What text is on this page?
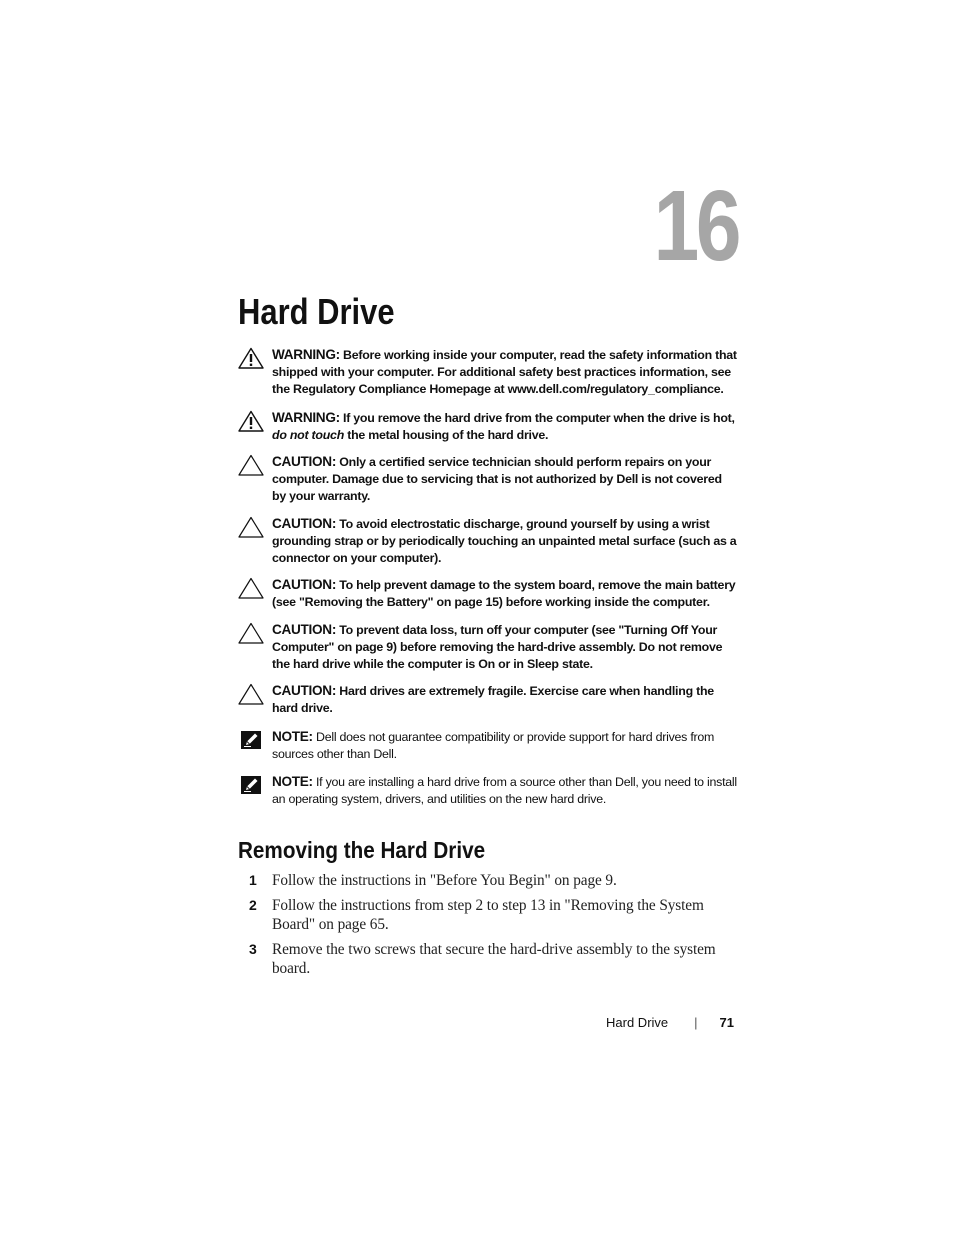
16
Hard Drive
WARNING: Before working inside your computer, read the safety information that shipped with your computer. For additional safety best practices information, see the Regulatory Compliance Homepage at www.dell.com/regulatory_compliance.
WARNING: If you remove the hard drive from the computer when the drive is hot, do not touch the metal housing of the hard drive.
CAUTION: Only a certified service technician should perform repairs on your computer. Damage due to servicing that is not authorized by Dell is not covered by your warranty.
CAUTION: To avoid electrostatic discharge, ground yourself by using a wrist grounding strap or by periodically touching an unpainted metal surface (such as a connector on your computer).
CAUTION: To help prevent damage to the system board, remove the main battery (see "Removing the Battery" on page 15) before working inside the computer.
CAUTION: To prevent data loss, turn off your computer (see "Turning Off Your Computer" on page 9) before removing the hard-drive assembly. Do not remove the hard drive while the computer is On or in Sleep state.
CAUTION: Hard drives are extremely fragile. Exercise care when handling the hard drive.
NOTE: Dell does not guarantee compatibility or provide support for hard drives from sources other than Dell.
NOTE: If you are installing a hard drive from a source other than Dell, you need to install an operating system, drivers, and utilities on the new hard drive.
Removing the Hard Drive
1 Follow the instructions in "Before You Begin" on page 9.
2 Follow the instructions from step 2 to step 13 in "Removing the System Board" on page 65.
3 Remove the two screws that secure the hard-drive assembly to the system board.
Hard Drive | 71
